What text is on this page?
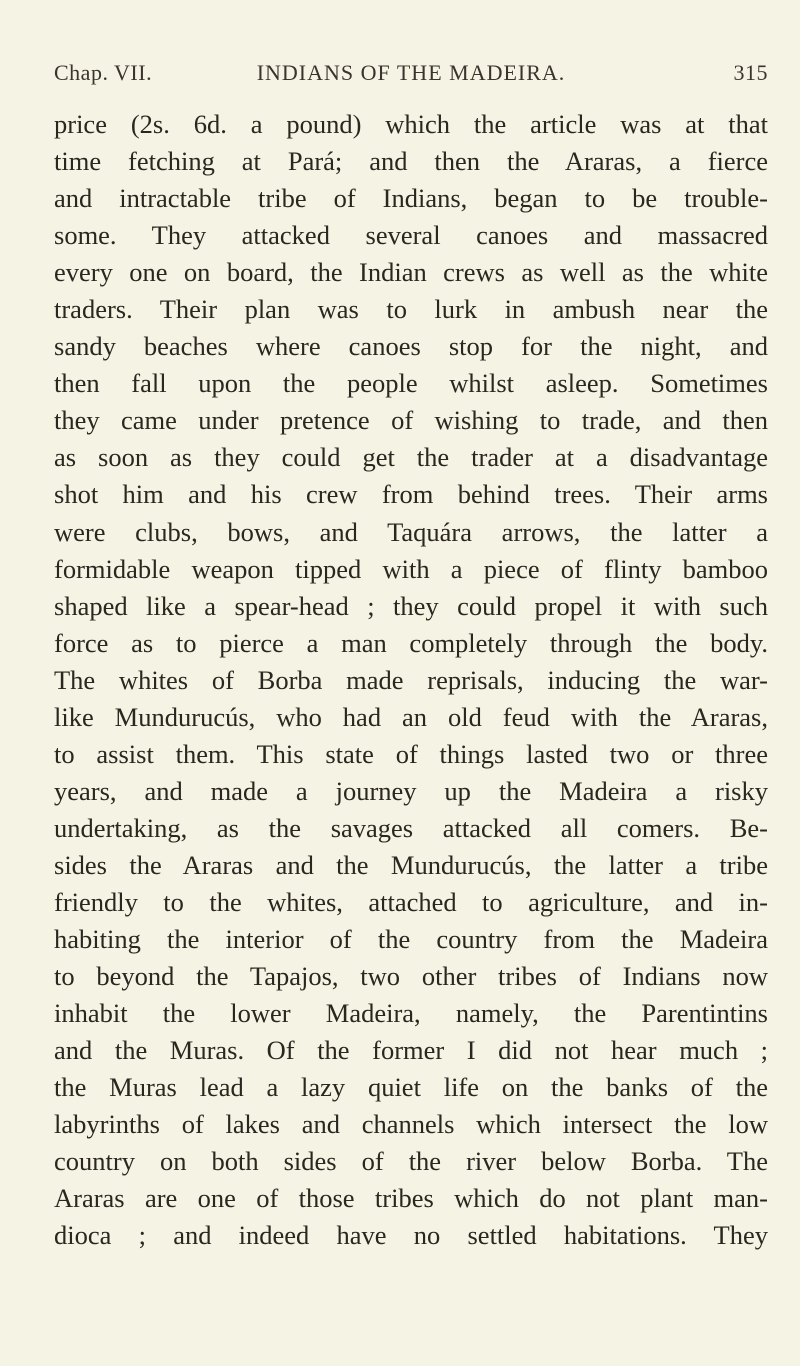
Chap. VII.	INDIANS OF THE MADEIRA.	315
price (2s. 6d. a pound) which the article was at that
time fetching at Pará; and then the Araras, a fierce
and intractable tribe of Indians, began to be trouble-
some. They attacked several canoes and massacred
every one on board, the Indian crews as well as the white
traders. Their plan was to lurk in ambush near the
sandy beaches where canoes stop for the night, and
then fall upon the people whilst asleep. Sometimes
they came under pretence of wishing to trade, and then
as soon as they could get the trader at a disadvantage
shot him and his crew from behind trees. Their arms
were clubs, bows, and Taquára arrows, the latter a
formidable weapon tipped with a piece of flinty bamboo
shaped like a spear-head ; they could propel it with such
force as to pierce a man completely through the body.
The whites of Borba made reprisals, inducing the war-
like Mundurucús, who had an old feud with the Araras,
to assist them. This state of things lasted two or three
years, and made a journey up the Madeira a risky
undertaking, as the savages attacked all comers. Be-
sides the Araras and the Mundurucús, the latter a tribe
friendly to the whites, attached to agriculture, and in-
habiting the interior of the country from the Madeira
to beyond the Tapajos, two other tribes of Indians now
inhabit the lower Madeira, namely, the Parentintins
and the Muras. Of the former I did not hear much ;
the Muras lead a lazy quiet life on the banks of the
labyrinths of lakes and channels which intersect the low
country on both sides of the river below Borba. The
Araras are one of those tribes which do not plant man-
dioca ; and indeed have no settled habitations. They
